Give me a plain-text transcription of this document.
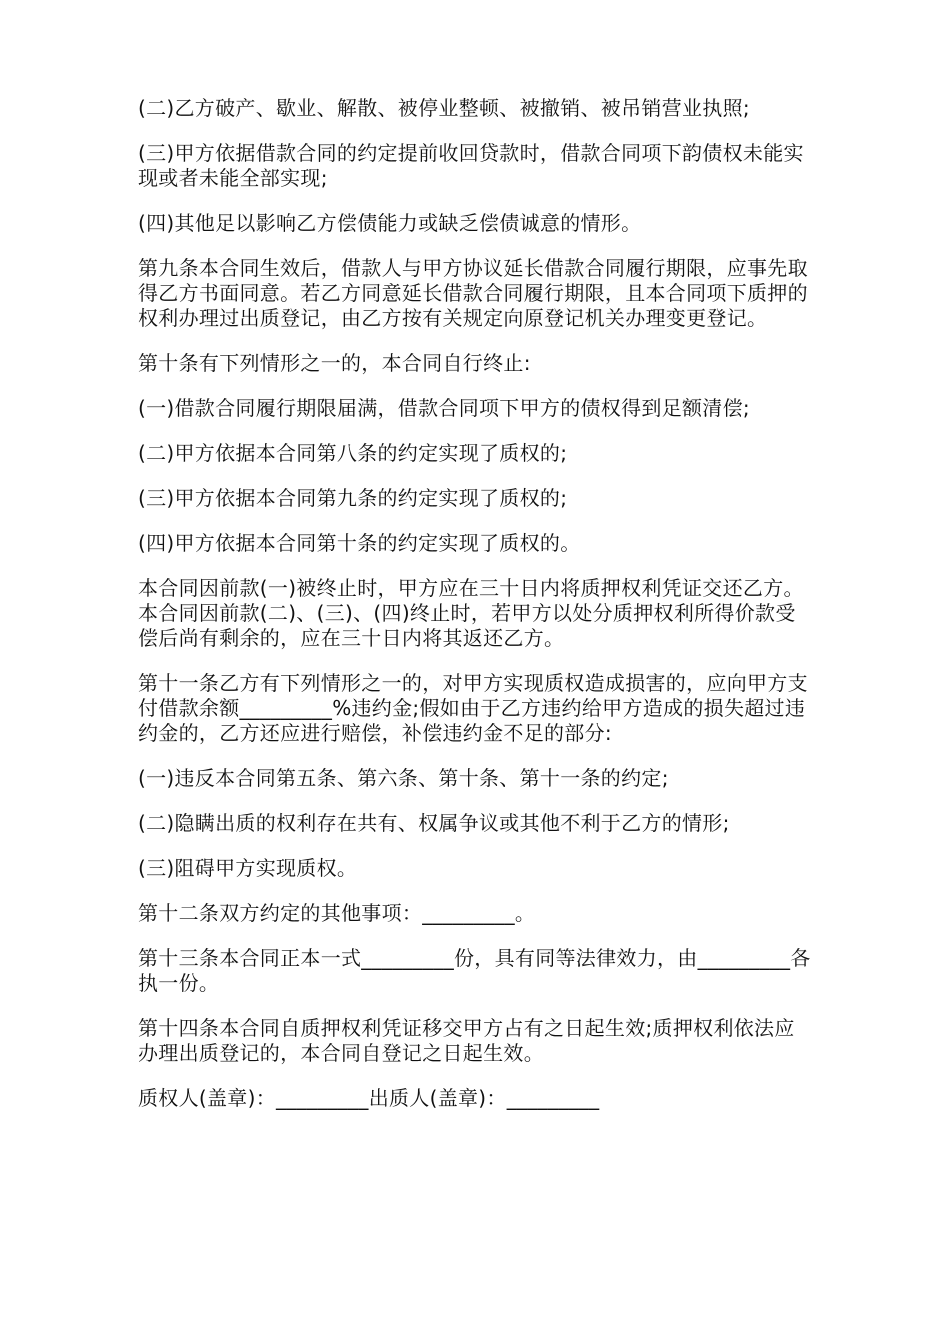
(二)乙方破产、歇业、解散、被停业整顿、被撤销、被吊销营业执照;

(三)甲方依据借款合同的约定提前收回贷款时，借款合同项下韵债权未能实现或者未能全部实现;

(四)其他足以影响乙方偿债能力或缺乏偿债诚意的情形。

第九条本合同生效后，借款人与甲方协议延长借款合同履行期限，应事先取得乙方书面同意。若乙方同意延长借款合同履行期限，且本合同项下质押的权利办理过出质登记，由乙方按有关规定向原登记机关办理变更登记。

第十条有下列情形之一的，本合同自行终止:

(一)借款合同履行期限届满，借款合同项下甲方的债权得到足额清偿;

(二)甲方依据本合同第八条的约定实现了质权的;

(三)甲方依据本合同第九条的约定实现了质权的;

(四)甲方依据本合同第十条的约定实现了质权的。

本合同因前款(一)被终止时，甲方应在三十日内将质押权利凭证交还乙方。本合同因前款(二)、(三)、(四)终止时，若甲方以处分质押权利所得价款受偿后尚有剩余的，应在三十日内将其返还乙方。

第十一条乙方有下列情形之一的，对甲方实现质权造成损害的，应向甲方支付借款余额_________%违约金;假如由于乙方违约给甲方造成的损失超过违约金的，乙方还应进行赔偿，补偿违约金不足的部分:

(一)违反本合同第五条、第六条、第十条、第十一条的约定;

(二)隐瞒出质的权利存在共有、权属争议或其他不利于乙方的情形;

(三)阻碍甲方实现质权。

第十二条双方约定的其他事项：_________。

第十三条本合同正本一式_________份，具有同等法律效力，由_________各执一份。

第十四条本合同自质押权利凭证移交甲方占有之日起生效;质押权利依法应办理出质登记的，本合同自登记之日起生效。

质权人(盖章)：_________出质人(盖章)：_________
